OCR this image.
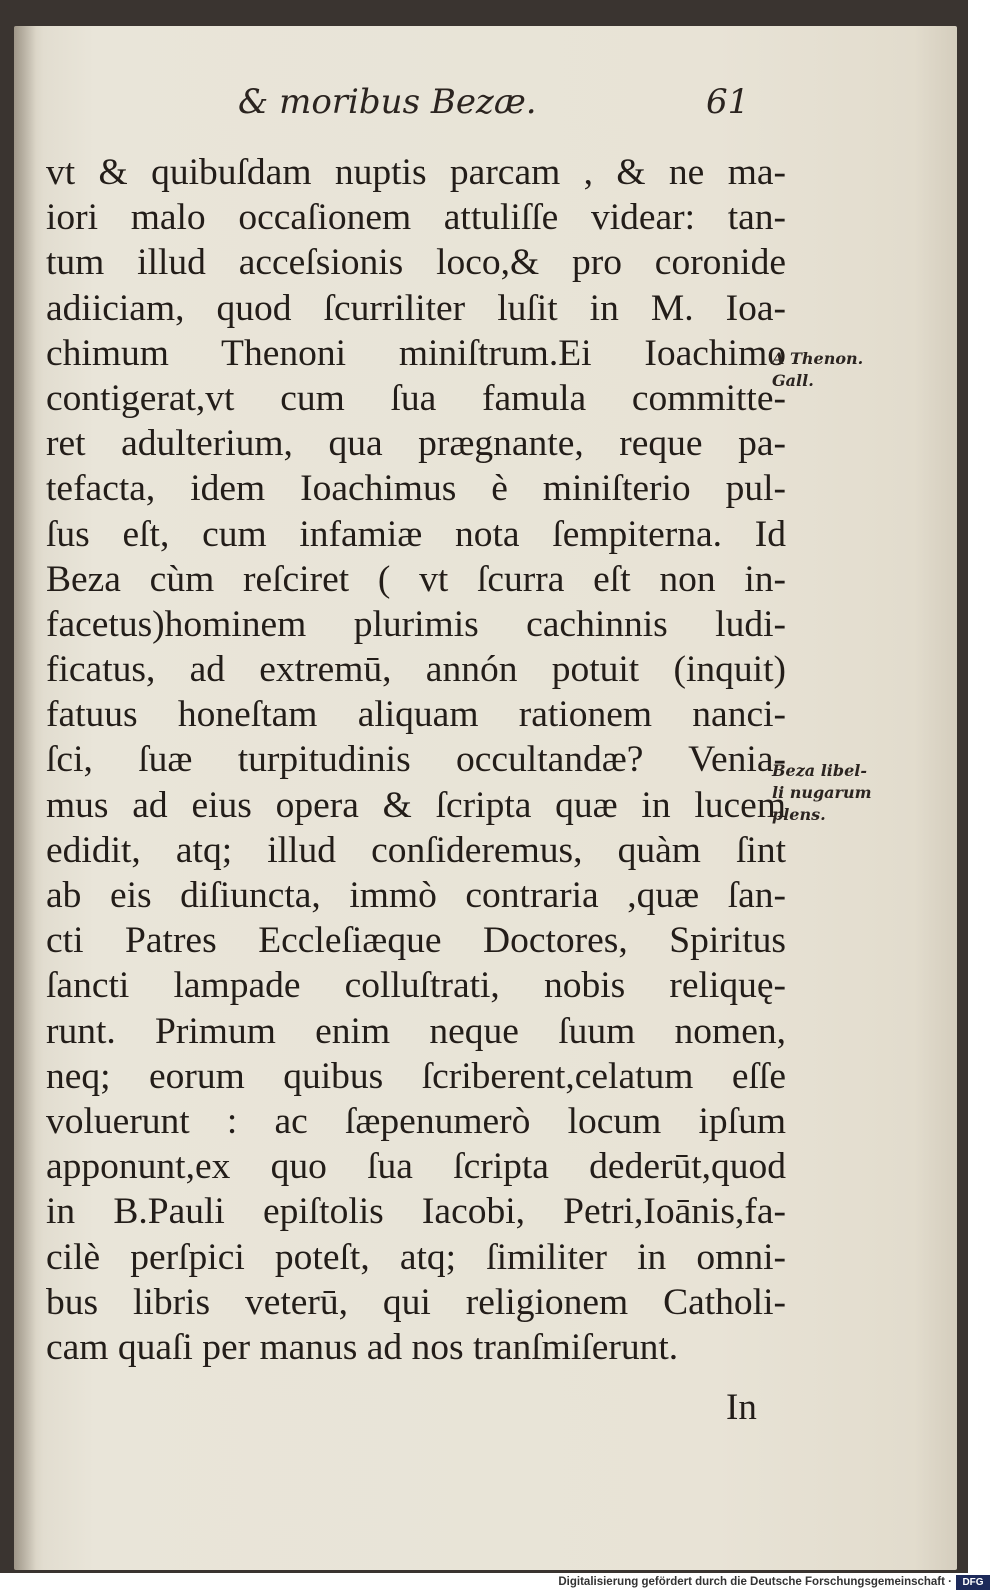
& moribus Bezæ.	61
vt & quibuſdam nuptis parcam , & ne ma-
iori malo occaſionem attuliſſe videar: tan-
tum illud acceſsionis loco,& pro coronide
adiiciam, quod ſcurriliter luſit in M. Ioa-
chimum Thenoni miniſtrum.Ei Ioachimo
contigerat,vt cum ſua famula committe-
ret adulterium, qua prægnante, reque pa-
tefacta, idem Ioachimus è miniſterio pul-
ſus eſt, cum infamiæ nota ſempiterna. Id
Beza cùm reſciret ( vt ſcurra eſt non in-
facetus)hominem plurimis cachinnis ludi-
ficatus, ad extremū, annón potuit (inquit)
fatuus honeſtam aliquam rationem nanci-
ſci, ſuæ turpitudinis occultandæ? Venia-
mus ad eius opera & ſcripta quæ in lucem
edidit, atq; illud conſideremus, quàm ſint
ab eis diſiuncta, immò contraria ,quæ ſan-
cti Patres Eccleſiæque Doctores, Spiritus
ſancti lampade colluſtrati, nobis reliquę-
runt. Primum enim neque ſuum nomen,
neq; eorum quibus ſcriberent,celatum eſſe
voluerunt : ac ſæpenumerò locum ipſum
apponunt,ex quo ſua ſcripta dederūt,quod
in B.Pauli epiſtolis Iacobi, Petri,Ioānis,fa-
cilè perſpici poteſt, atq; ſimiliter in omni-
bus libris veterū, qui religionem Catholi-
cam quaſi per manus ad nos tranſmiſerunt.
In
A Thenon.
Gall.
Beza libel-
li nugarum
plens.
Digitalisierung gefördert durch die Deutsche Forschungsgemeinschaft ·	DFG
